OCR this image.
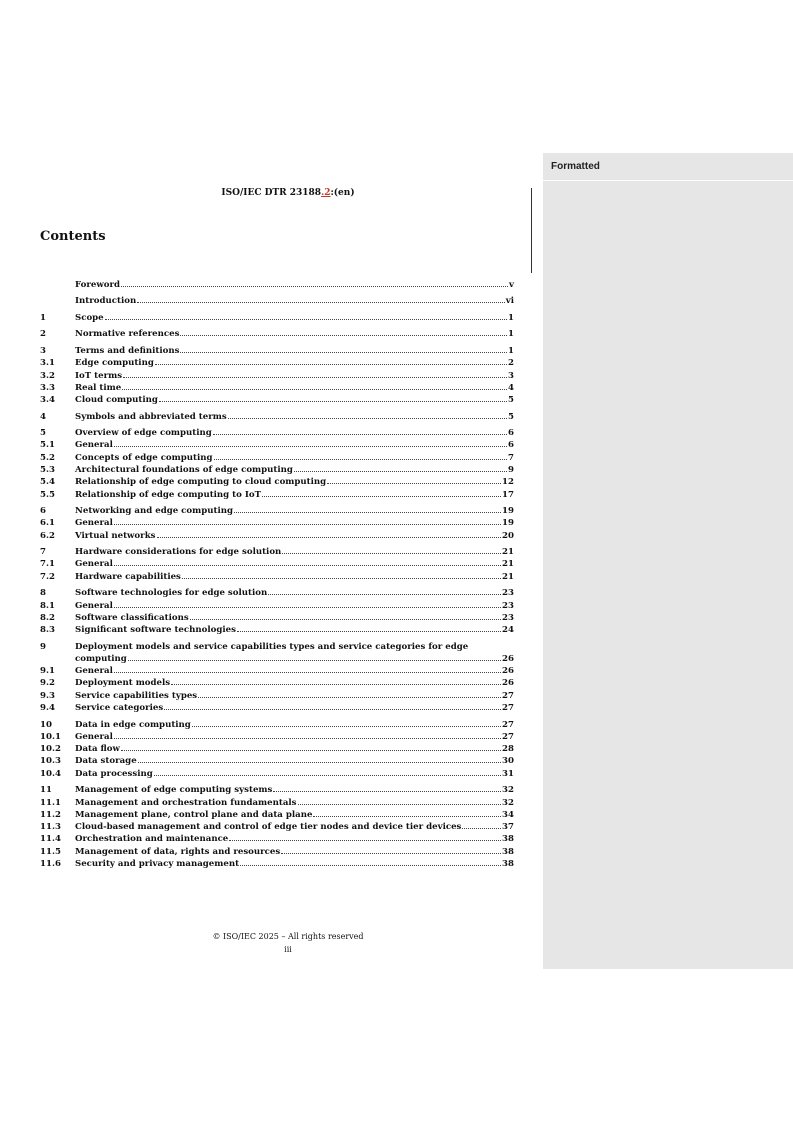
ISO/IEC DTR 23188.2:(en)
Formatted
Contents
Foreword	v
Introduction	vi
1	Scope	1
2	Normative references	1
3	Terms and definitions	1
3.1	Edge computing	2
3.2	IoT terms	3
3.3	Real time	4
3.4	Cloud computing	5
4	Symbols and abbreviated terms	5
5	Overview of edge computing	6
5.1	General	6
5.2	Concepts of edge computing	7
5.3	Architectural foundations of edge computing	9
5.4	Relationship of edge computing to cloud computing	12
5.5	Relationship of edge computing to IoT	17
6	Networking and edge computing	19
6.1	General	19
6.2	Virtual networks	20
7	Hardware considerations for edge solution	21
7.1	General	21
7.2	Hardware capabilities	21
8	Software technologies for edge solution	23
8.1	General	23
8.2	Software classifications	23
8.3	Significant software technologies	24
9	Deployment models and service capabilities types and service categories for edge
computing	26
9.1	General	26
9.2	Deployment models	26
9.3	Service capabilities types	27
9.4	Service categories	27
10	Data in edge computing	27
10.1	General	27
10.2	Data flow	28
10.3	Data storage	30
10.4	Data processing	31
11	Management of edge computing systems	32
11.1	Management and orchestration fundamentals	32
11.2	Management plane, control plane and data plane	34
11.3	Cloud-based management and control of edge tier nodes and device tier devices	37
11.4	Orchestration and maintenance	38
11.5	Management of data, rights and resources	38
11.6	Security and privacy management	38
© ISO/IEC 2025 – All rights reserved
iii
